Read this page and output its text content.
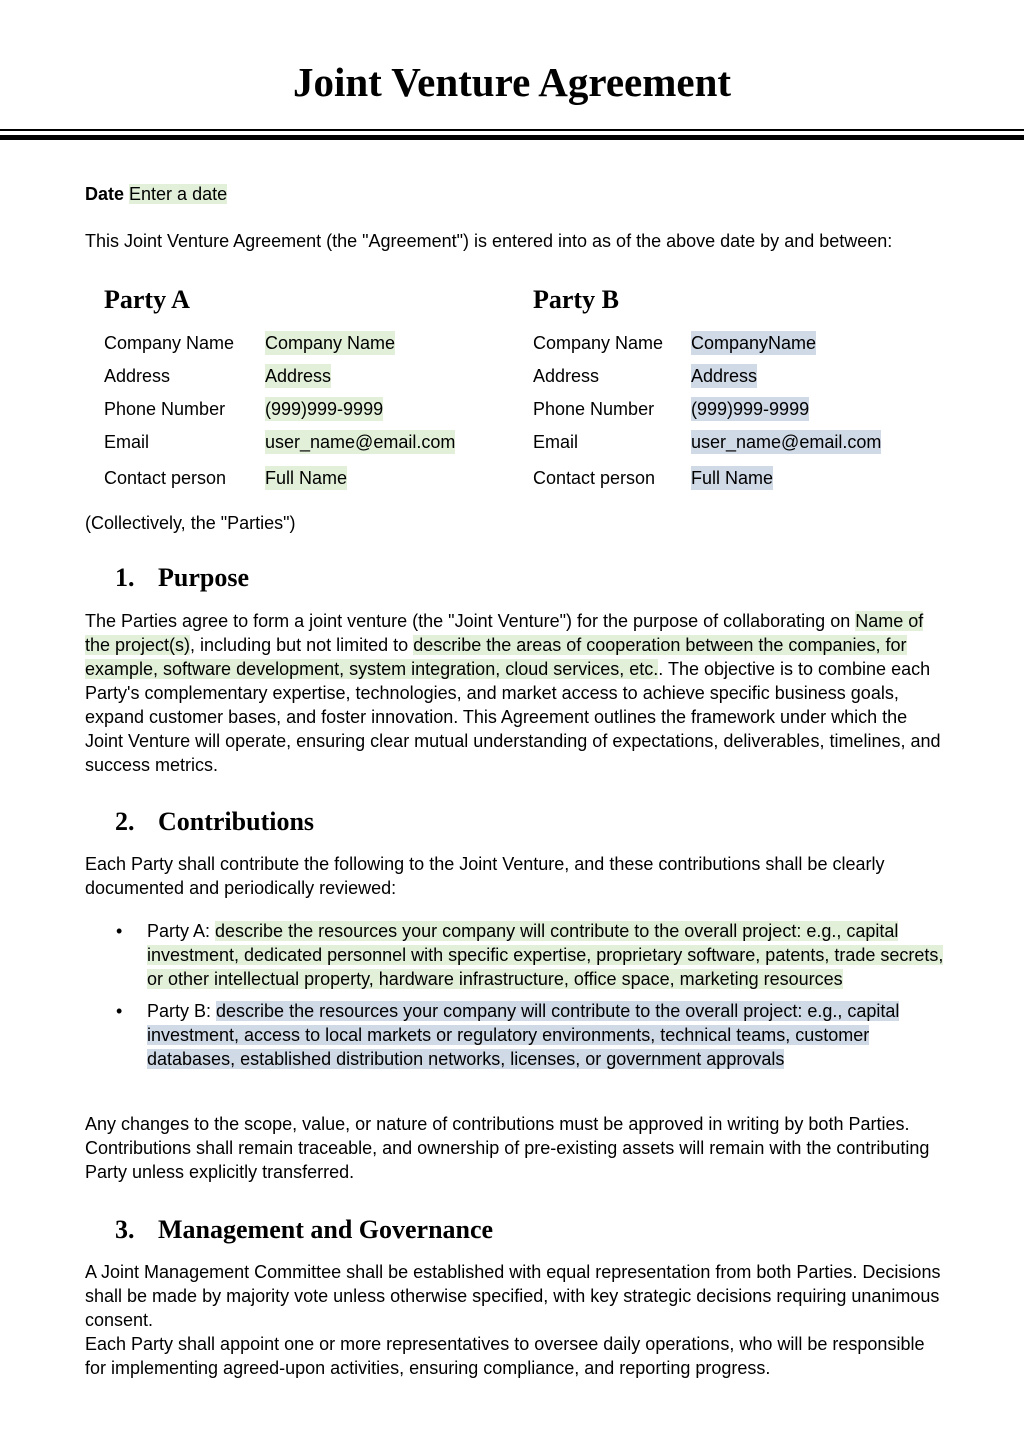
Joint Venture Agreement

Date Enter a date

This Joint Venture Agreement (the "Agreement") is entered into as of the above date by and between:

Party A
Company Name Company Name
Address	Address
Phone Number (999)999-9999
Email	user_name@email.com
Contact person Full Name
Party B
Company Name CompanyName
Address	Address
Phone Number (999)999-9999
Email	user_name@email.com
Contact person Full Name

(Collectively, the "Parties")

1. Purpose

The Parties agree to form a joint venture (the "Joint Venture") for the purpose of collaborating on Name of the project(s), including but not limited to describe the areas of cooperation between the companies, for example, software development, system integration, cloud services, etc.. The objective is to combine each Party's complementary expertise, technologies, and market access to achieve specific business goals, expand customer bases, and foster innovation. This Agreement outlines the framework under which the Joint Venture will operate, ensuring clear mutual understanding of expectations, deliverables, timelines, and success metrics.

2. Contributions

Each Party shall contribute the following to the Joint Venture, and these contributions shall be clearly documented and periodically reviewed:

• Party A: describe the resources your company will contribute to the overall project: e.g., capital investment, dedicated personnel with specific expertise, proprietary software, patents, trade secrets, or other intellectual property, hardware infrastructure, office space, marketing resources
• Party B: describe the resources your company will contribute to the overall project: e.g., capital investment, access to local markets or regulatory environments, technical teams, customer databases, established distribution networks, licenses, or government approvals

Any changes to the scope, value, or nature of contributions must be approved in writing by both Parties. Contributions shall remain traceable, and ownership of pre-existing assets will remain with the contributing Party unless explicitly transferred.

3. Management and Governance

A Joint Management Committee shall be established with equal representation from both Parties. Decisions shall be made by majority vote unless otherwise specified, with key strategic decisions requiring unanimous consent.

Each Party shall appoint one or more representatives to oversee daily operations, who will be responsible for implementing agreed-upon activities, ensuring compliance, and reporting progress.
